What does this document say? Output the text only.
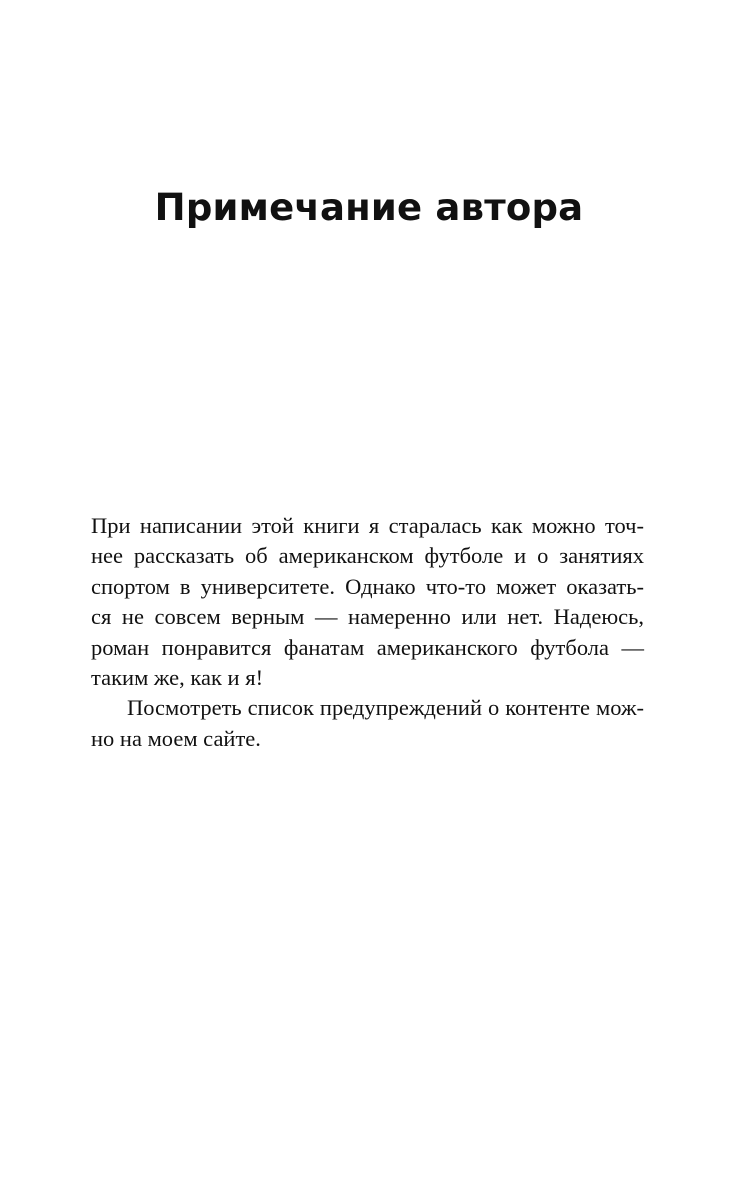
Примечание автора
При написании этой книги я старалась как можно точ-
нее рассказать об американском футболе и о занятиях
спортом в университете. Однако что-то может оказать-
ся не совсем верным — намеренно или нет. Надеюсь,
роман понравится фанатам американского футбола —
таким же, как и я!
Посмотреть список предупреждений о контенте мож-
но на моем сайте.
